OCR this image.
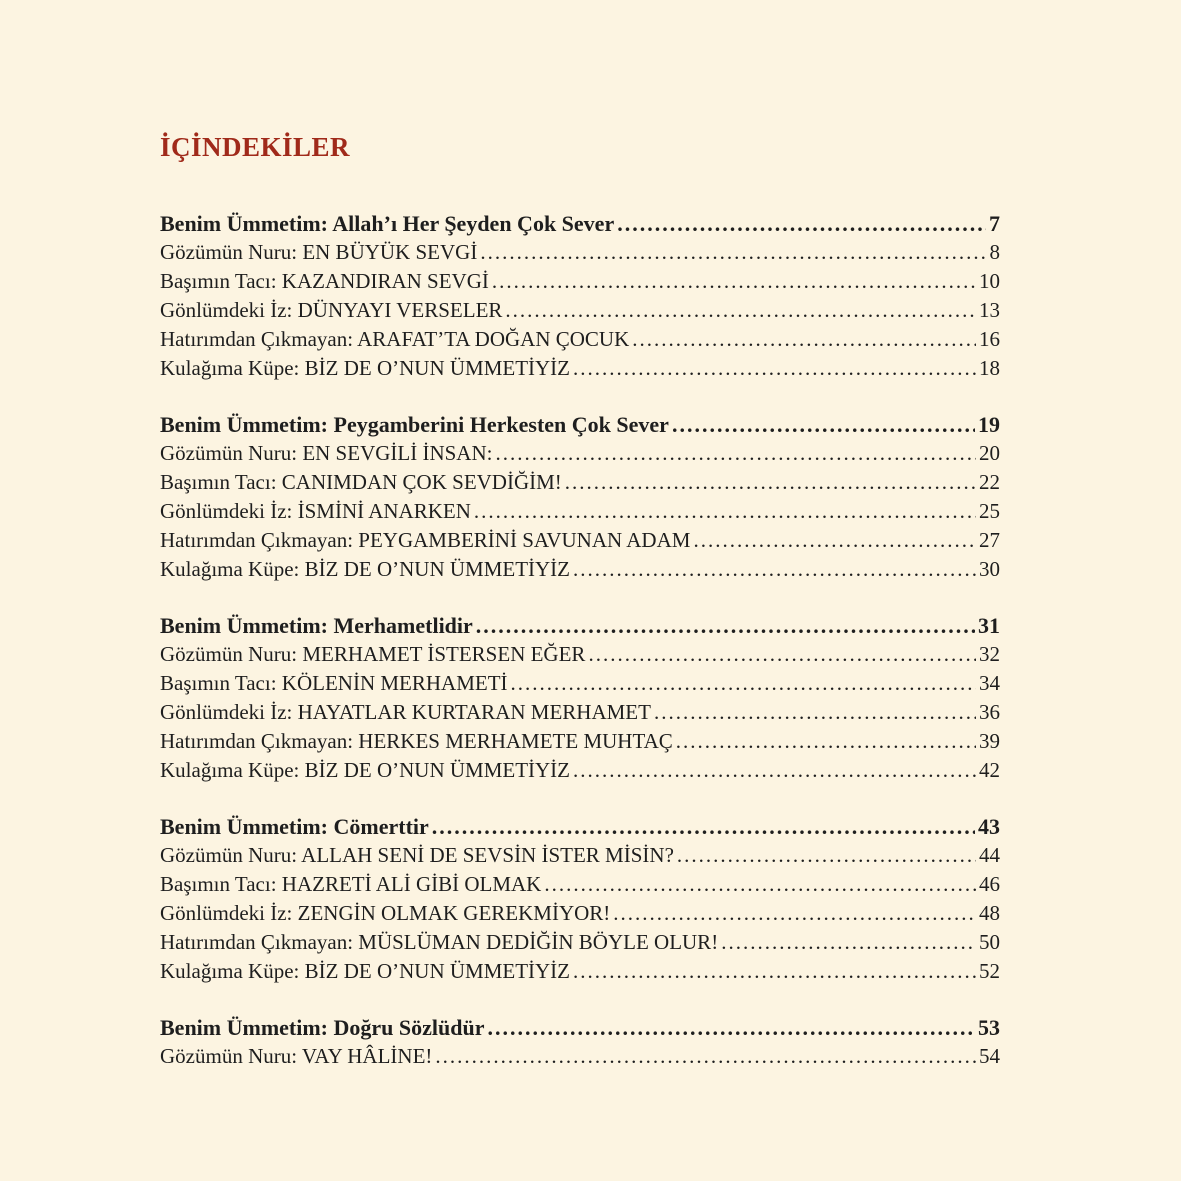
İÇİNDEKİLER
Benim Ümmetim: Allah’ı Her Şeyden Çok Sever .....	7
Gözümün Nuru: EN BÜYÜK SEVGİ .....	8
Başımın Tacı: KAZANDIRAN SEVGİ .....	10
Gönlümdeki İz: DÜNYAYI VERSELER .....	13
Hatırımdan Çıkmayan: ARAFAT’TA DOĞAN ÇOCUK .....	16
Kulağıma Küpe: BİZ DE O’NUN ÜMMETİYİZ .....	18
Benim Ümmetim: Peygamberini Herkesten Çok Sever .....	19
Gözümün Nuru: EN SEVGİLİ İNSAN: .....	20
Başımın Tacı: CANIMDAN ÇOK SEVDİĞİM! .....	22
Gönlümdeki İz: İSMİNİ ANARKEN .....	25
Hatırımdan Çıkmayan: PEYGAMBERİNİ SAVUNAN ADAM .....	27
Kulağıma Küpe: BİZ DE O’NUN ÜMMETİYİZ .....	30
Benim Ümmetim: Merhametlidir .....	31
Gözümün Nuru: MERHAMET İSTERSEN EĞER .....	32
Başımın Tacı: KÖLENİN MERHAMETİ .....	34
Gönlümdeki İz: HAYATLAR KURTARAN MERHAMET .....	36
Hatırımdan Çıkmayan: HERKES MERHAMETE MUHTAÇ .....	39
Kulağıma Küpe: BİZ DE O’NUN ÜMMETİYİZ .....	42
Benim Ümmetim: Cömerttir .....	43
Gözümün Nuru: ALLAH SENİ DE SEVSİN İSTER MİSİN? .....	44
Başımın Tacı: HAZRETİ ALİ GİBİ OLMAK .....	46
Gönlümdeki İz: ZENGİN OLMAK GEREKMİYOR! .....	48
Hatırımdan Çıkmayan: MÜSLÜMAN DEDİĞİN BÖYLE OLUR! .....	50
Kulağıma Küpe: BİZ DE O’NUN ÜMMETİYİZ .....	52
Benim Ümmetim: Doğru Sözlüdür .....	53
Gözümün Nuru: VAY HÂLİNE! .....	54
